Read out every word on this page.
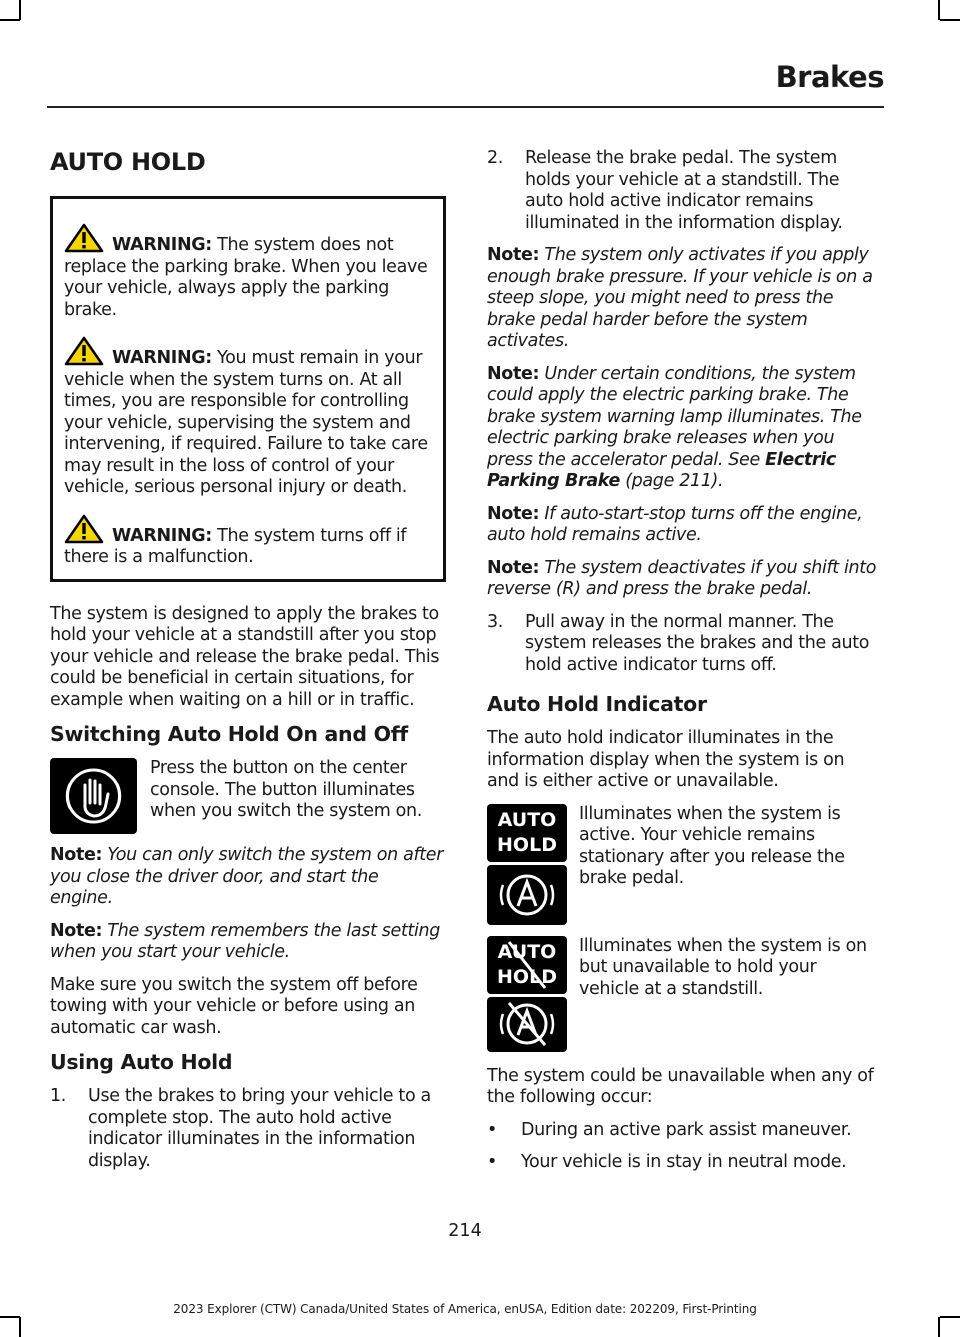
Brakes
AUTO HOLD

WARNING: The system does not replace the parking brake. When you leave your vehicle, always apply the parking brake.

WARNING: You must remain in your vehicle when the system turns on. At all times, you are responsible for controlling your vehicle, supervising the system and intervening, if required. Failure to take care may result in the loss of control of your vehicle, serious personal injury or death.

WARNING: The system turns off if there is a malfunction.

The system is designed to apply the brakes to hold your vehicle at a standstill after you stop your vehicle and release the brake pedal. This could be beneficial in certain situations, for example when waiting on a hill or in traffic.

Switching Auto Hold On and Off

Press the button on the center console. The button illuminates when you switch the system on.

Note: You can only switch the system on after you close the driver door, and start the engine.

Note: The system remembers the last setting when you start your vehicle.

Make sure you switch the system off before towing with your vehicle or before using an automatic car wash.

Using Auto Hold
1.	Use the brakes to bring your vehicle to a complete stop. The auto hold active indicator illuminates in the information display.
2.	Release the brake pedal. The system holds your vehicle at a standstill. The auto hold active indicator remains illuminated in the information display.

Note: The system only activates if you apply enough brake pressure. If your vehicle is on a steep slope, you might need to press the brake pedal harder before the system activates.

Note: Under certain conditions, the system could apply the electric parking brake. The brake system warning lamp illuminates. The electric parking brake releases when you press the accelerator pedal. See Electric Parking Brake (page 211).

Note: If auto-start-stop turns off the engine, auto hold remains active.

Note: The system deactivates if you shift into reverse (R) and press the brake pedal.

3.	Pull away in the normal manner. The system releases the brakes and the auto hold active indicator turns off.
Auto Hold Indicator

The auto hold indicator illuminates in the information display when the system is on and is either active or unavailable.

AUTO
HOLD

Illuminates when the system is active. Your vehicle remains stationary after you release the brake pedal.

AUTO
HOLD

Illuminates when the system is on but unavailable to hold your vehicle at a standstill.

The system could be unavailable when any of the following occur:

•	During an active park assist maneuver.
•	Your vehicle is in stay in neutral mode.
214
2023 Explorer (CTW) Canada/United States of America, enUSA, Edition date: 202209, First-Printing
